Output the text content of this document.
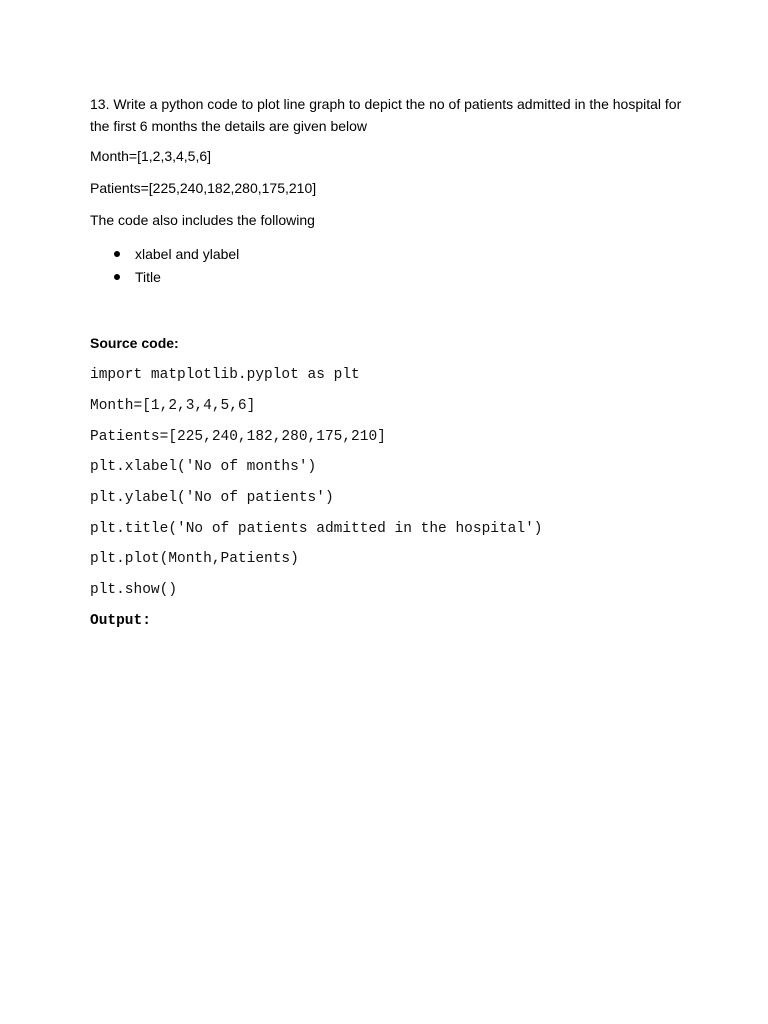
13. Write a python code to plot line graph to depict the no of patients admitted in the hospital for the first 6 months the details are given below

Month=[1,2,3,4,5,6]

Patients=[225,240,182,280,175,210]

The code also includes the following

xlabel and ylabel
Title

Source code:

import matplotlib.pyplot as plt

Month=[1,2,3,4,5,6]

Patients=[225,240,182,280,175,210]

plt.xlabel('No of months')

plt.ylabel('No of patients')

plt.title('No of patients admitted in the hospital')

plt.plot(Month,Patients)

plt.show()

Output:
